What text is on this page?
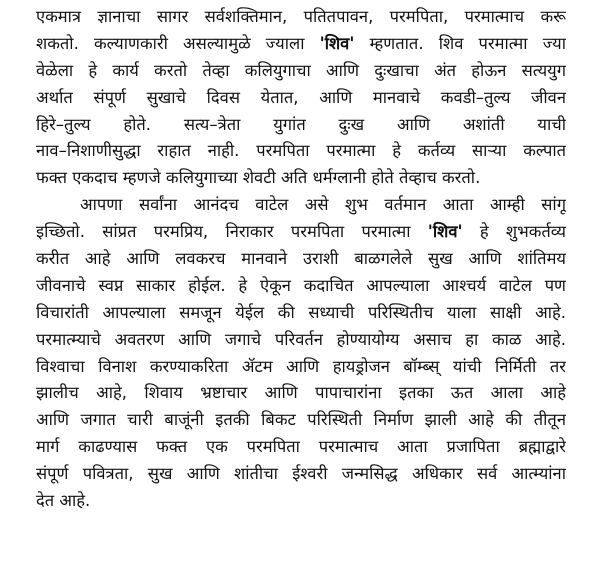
एकमात्र ज्ञानाचा सागर सर्वशक्तिमान, पतितपावन, परमपिता, परमात्माच करू
शकतो. कल्याणकारी असल्यामुळे ज्याला 'शिव' म्हणतात. शिव परमात्मा ज्या
वेळेला हे कार्य करतो तेव्हा कलियुगाचा आणि दुःखाचा अंत होऊन सत्ययुग
अर्थात संपूर्ण सुखाचे दिवस येतात, आणि मानवाचे कवडी–तुल्य जीवन
हिरे–तुल्य होते. सत्य–त्रेता युगांत दुःख आणि अशांती याची
नाव–निशाणीसुद्धा राहात नाही. परमपिता परमात्मा हे कर्तव्य साऱ्या कल्पात
फक्त एकदाच म्हणजे कलियुगाच्या शेवटी अति धर्मग्लानी होते तेव्हाच करतो.
आपणा सर्वांना आनंदच वाटेल असे शुभ वर्तमान आता आम्ही सांगू
इच्छितो. सांप्रत परमप्रिय, निराकार परमपिता परमात्मा 'शिव' हे शुभकर्तव्य
करीत आहे आणि लवकरच मानवाने उराशी बाळगलेले सुख आणि शांतिमय
जीवनाचे स्वप्न साकार होईल. हे ऐकून कदाचित आपल्याला आश्चर्य वाटेल पण
विचारांती आपल्याला समजून येईल की सध्याची परिस्थितीच याला साक्षी आहे.
परमात्म्याचे अवतरण आणि जगाचे परिवर्तन होण्यायोग्य असाच हा काळ आहे.
विश्वाचा विनाश करण्याकरिता ॲटम आणि हायड्रोजन बॉम्ब्स् यांची निर्मिती तर
झालीच आहे, शिवाय भ्रष्टाचार आणि पापाचारांना इतका ऊत आला आहे
आणि जगात चारी बाजूंनी इतकी बिकट परिस्थिती निर्माण झाली आहे की तीतून
मार्ग काढण्यास फक्त एक परमपिता परमात्माच आता प्रजापिता ब्रह्माद्वारे
संपूर्ण पवित्रता, सुख आणि शांतीचा ईश्वरी जन्मसिद्ध अधिकार सर्व आत्म्यांना
देत आहे.
